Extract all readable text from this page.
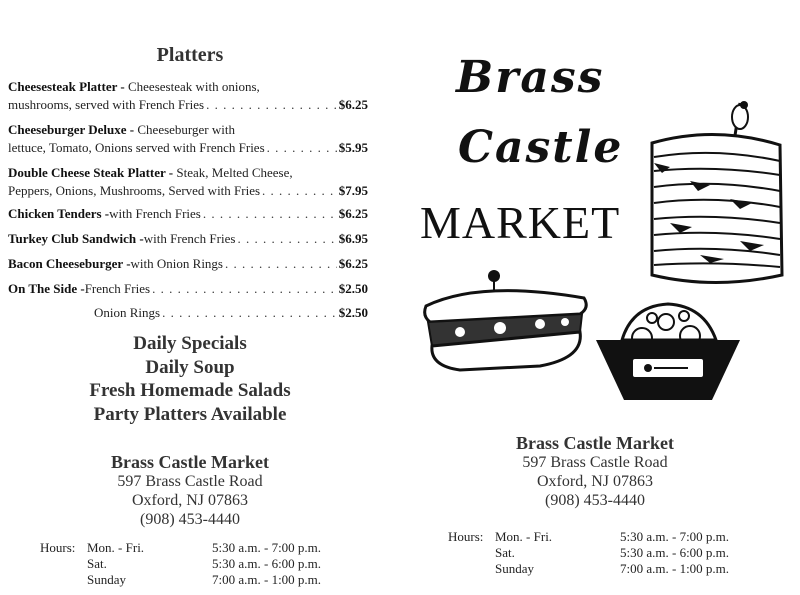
Platters
Cheesesteak Platter - Cheesesteak with onions,
mushrooms, served with French Fries . . .	$6.25
Cheeseburger Deluxe - Cheeseburger with
lettuce, Tomato, Onions served with French Fries . . .	$5.95
Double Cheese Steak Platter - Steak, Melted Cheese,
Peppers, Onions, Mushrooms, Served with Fries . . .	$7.95
Chicken Tenders - with French Fries . . .	$6.25
Turkey Club Sandwich - with French Fries . . .	$6.95
Bacon Cheeseburger - with Onion Rings . . .	$6.25
On The Side - French Fries . . .	$2.50
Onion Rings . . .	$2.50
Daily Specials
Daily Soup
Fresh Homemade Salads
Party Platters Available
Brass Castle Market
597 Brass Castle Road
Oxford, NJ 07863
(908) 453-4440
Hours:	Mon. - Fri.	5:30 a.m. - 7:00 p.m.
	Sat.	5:30 a.m. - 6:00 p.m.
	Sunday	7:00 a.m. - 1:00 p.m.
Brass
Castle
MARKET
Brass Castle Market
597 Brass Castle Road
Oxford, NJ 07863
(908) 453-4440
Hours:	Mon. - Fri.	5:30 a.m. - 7:00 p.m.
	Sat.	5:30 a.m. - 6:00 p.m.
	Sunday	7:00 a.m. - 1:00 p.m.
